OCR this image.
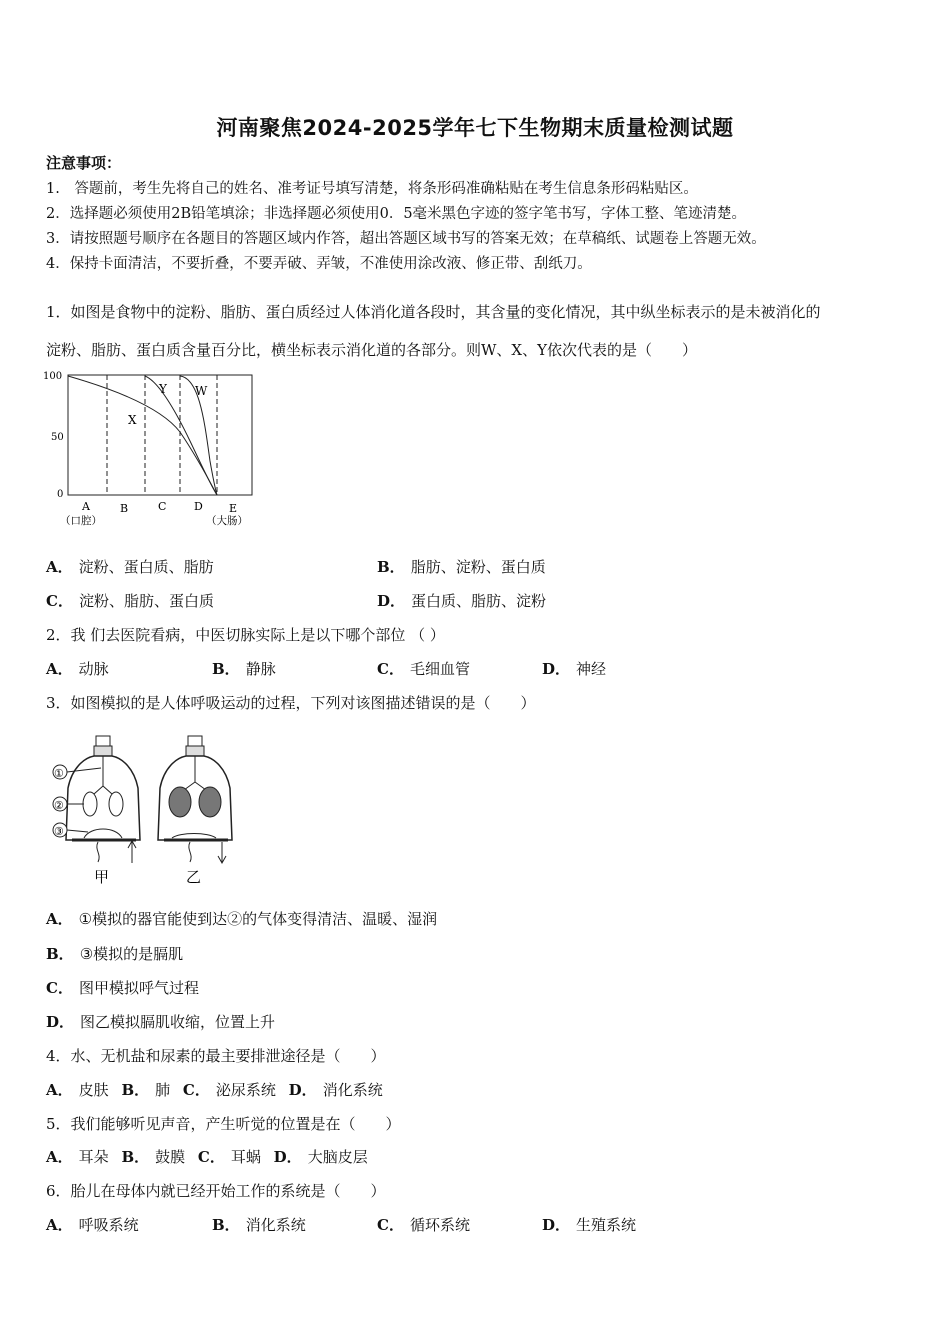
河南聚焦2024-2025学年七下生物期末质量检测试题
注意事项：
1.　答题前，考生先将自己的姓名、准考证号填写清楚，将条形码准确粘贴在考生信息条形码粘贴区。
2．选择题必须使用2B铅笔填涂；非选择题必须使用0．5毫米黑色字迹的签字笔书写，字体工整、笔迹清楚。
3．请按照题号顺序在各题目的答题区域内作答，超出答题区域书写的答案无效；在草稿纸、试题卷上答题无效。
4．保持卡面清洁，不要折叠，不要弄破、弄皱，不准使用涂改液、修正带、刮纸刀。
1．如图是食物中的淀粉、脂肪、蛋白质经过人体消化道各段时，其含量的变化情况，其中纵坐标表示的是未被消化的
淀粉、脂肪、蛋白质含量百分比，横坐标表示消化道的各部分。则W、X、Y依次代表的是（　　）
100
50
0
Y W
X
A	B	C	D E
（口腔）	（大肠）
A． 淀粉、蛋白质、脂肪	B． 脂肪、淀粉、蛋白质
C． 淀粉、脂肪、蛋白质	D． 蛋白质、脂肪、淀粉
2．我 们去医院看病，中医切脉实际上是以下哪个部位 （ ）
A． 动脉	B． 静脉	C． 毛细血管	D． 神经
3．如图模拟的是人体呼吸运动的过程，下列对该图描述错误的是（　　）
①
②
③
甲	乙
A． ①模拟的器官能使到达②的气体变得清洁、温暖、湿润
B． ③模拟的是膈肌
C． 图甲模拟呼气过程
D． 图乙模拟膈肌收缩，位置上升
4．水、无机盐和尿素的最主要排泄途径是（　　）
A． 皮肤 B． 肺 C． 泌尿系统 D． 消化系统
5．我们能够听见声音，产生听觉的位置是在（　　）
A． 耳朵 B． 鼓膜 C． 耳蜗 D． 大脑皮层
6．胎儿在母体内就已经开始工作的系统是（　　）
A． 呼吸系统	B． 消化系统	C． 循环系统	D． 生殖系统
